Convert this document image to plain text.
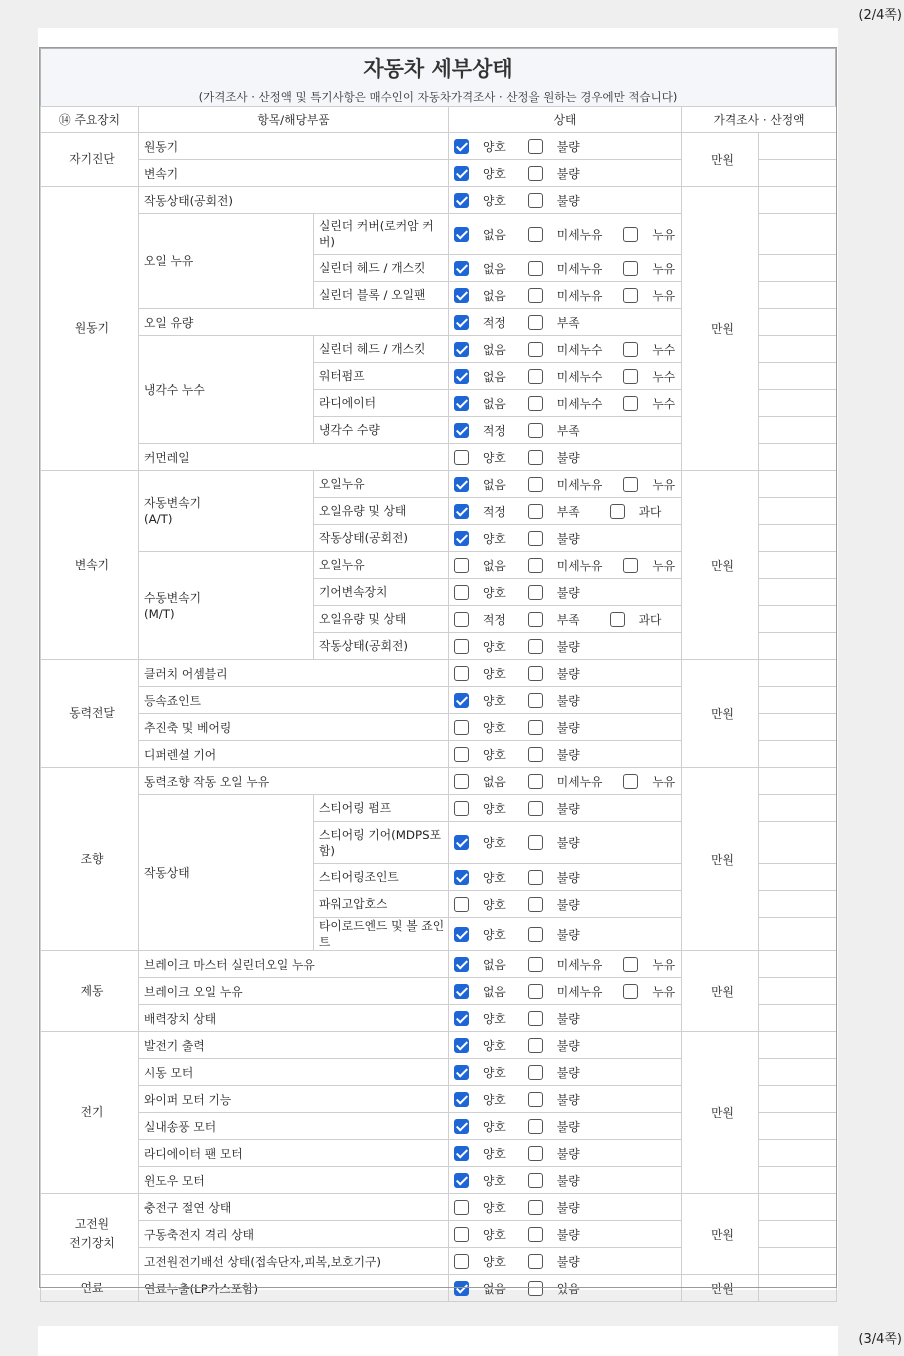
(2/4쪽)
자동차 세부상태
(가격조사 · 산정액 및 특기사항은 매수인이 자동차가격조사 · 산정을 원하는 경우에만 적습니다)
⑭ 주요장치	항목/해당부품		상태	가격조사 · 산정액	
자기진단	원동기		양호 불량	만원	
	변속기		양호 불량		
원동기	작동상태(공회전)		양호 불량	만원	
	오일 누유	실린더 커버(로커암 커버)	없음 미세누유 누유		
		실린더 헤드 / 개스킷	없음 미세누유 누유		
		실린더 블록 / 오일팬	없음 미세누유 누유		
	오일 유량		적정 부족		
	냉각수 누수	실린더 헤드 / 개스킷	없음 미세누수 누수		
		워터펌프	없음 미세누수 누수		
		라디에이터	없음 미세누수 누수		
		냉각수 수량	적정 부족		
	커먼레일		양호 불량		
변속기	자동변속기
(A/T)	오일누유	없음 미세누유 누유	만원	
		오일유량 및 상태	적정 부족 과다		
		작동상태(공회전)	양호 불량		
	수동변속기
(M/T)	오일누유	없음 미세누유 누유		
		기어변속장치	양호 불량		
		오일유량 및 상태	적정 부족 과다		
		작동상태(공회전)	양호 불량		
동력전달	클러치 어셈블리		양호 불량	만원	
	등속죠인트		양호 불량		
	추진축 및 베어링		양호 불량		
	디퍼렌셜 기어		양호 불량		
조향	동력조향 작동 오일 누유		없음 미세누유 누유	만원	
	작동상태	스티어링 펌프	양호 불량		
		스티어링 기어(MDPS포함)	양호 불량		
		스티어링조인트	양호 불량		
		파워고압호스	양호 불량		
		타이로드엔드 및 볼 죠인트	양호 불량		
제동	브레이크 마스터 실린더오일 누유		없음 미세누유 누유	만원	
	브레이크 오일 누유		없음 미세누유 누유		
	배력장치 상태		양호 불량		
전기	발전기 출력		양호 불량	만원	
	시동 모터		양호 불량		
	와이퍼 모터 기능		양호 불량		
	실내송풍 모터		양호 불량		
	라디에이터 팬 모터		양호 불량		
	윈도우 모터		양호 불량		
고전원
전기장치	충전구 절연 상태		양호 불량	만원	
	구동축전지 격리 상태		양호 불량		
	고전원전기배선 상태(접속단자,피복,보호기구)		양호 불량		
연료	연료누출(LP가스포함)		없음 있음	만원	
(3/4쪽)
